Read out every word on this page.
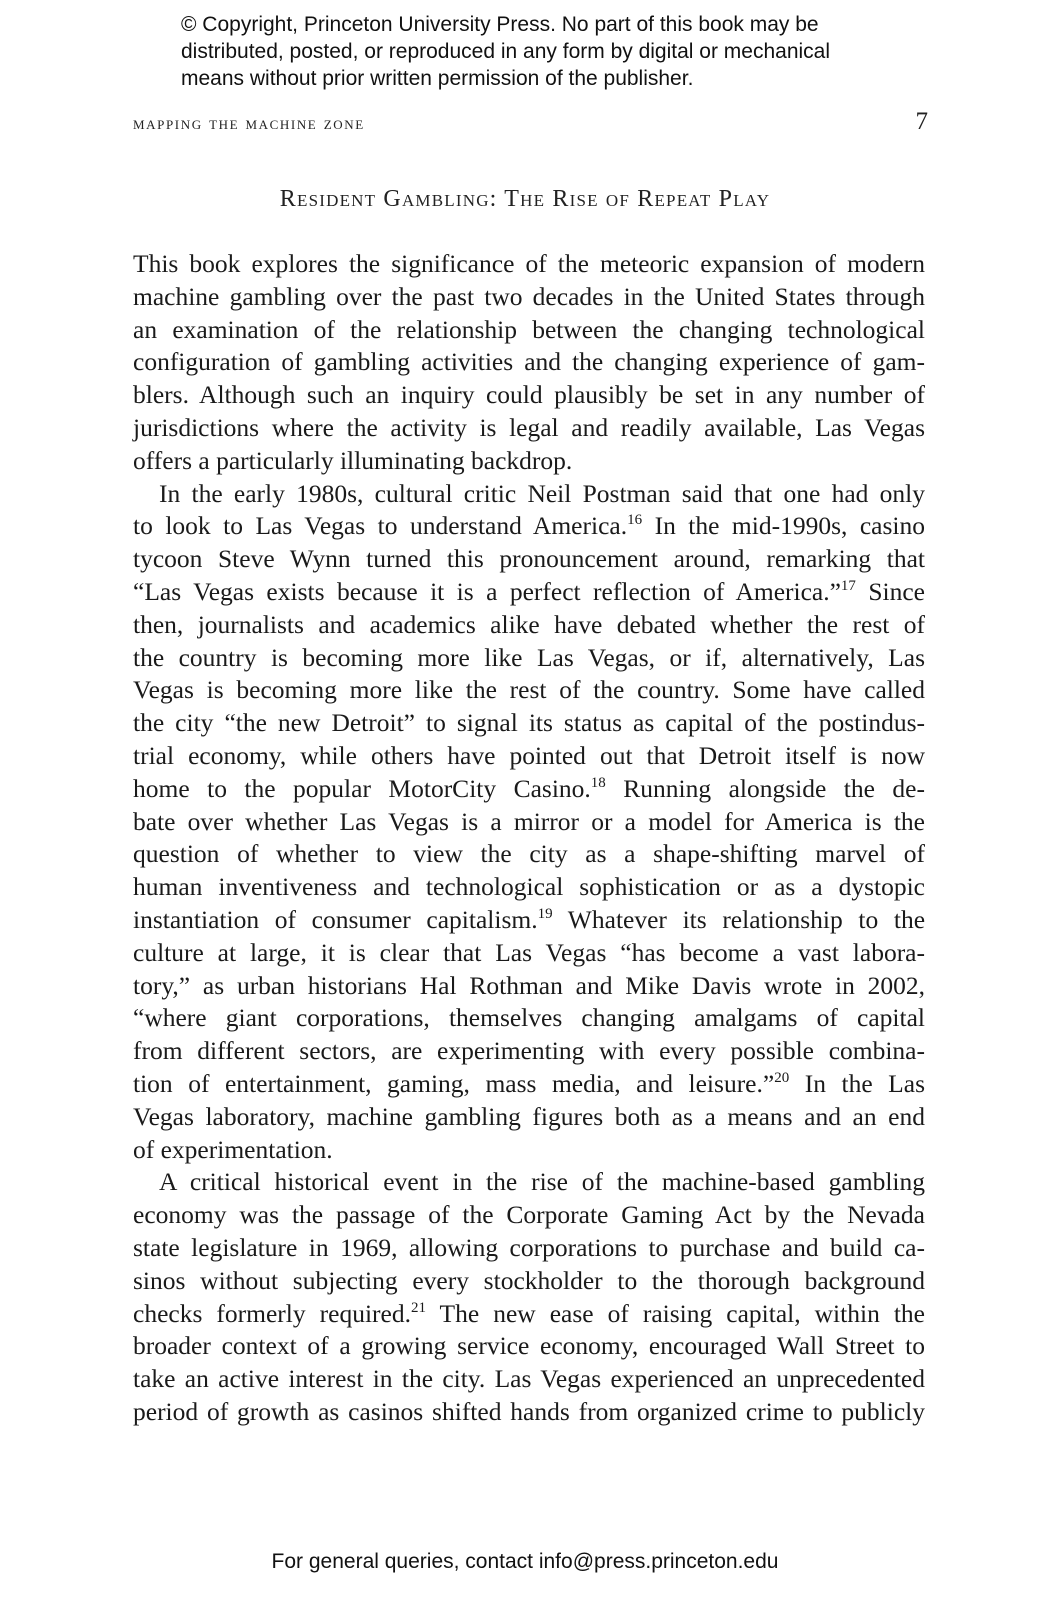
© Copyright, Princeton University Press. No part of this book may be
distributed, posted, or reproduced in any form by digital or mechanical
means without prior written permission of the publisher.
mapping the machine zone	7
Resident Gambling: The Rise of Repeat Play
This book explores the significance of the meteoric expansion of modern
machine gambling over the past two decades in the United States through
an examination of the relationship between the changing technological
configuration of gambling activities and the changing experience of gam-
blers. Although such an inquiry could plausibly be set in any number of
jurisdictions where the activity is legal and readily available, Las Vegas
offers a particularly illuminating backdrop.
In the early 1980s, cultural critic Neil Postman said that one had only
to look to Las Vegas to understand America.$^{16}$ In the mid-1990s, casino
tycoon Steve Wynn turned this pronouncement around, remarking that
“Las Vegas exists because it is a perfect reflection of America.”$^{17}$ Since
then, journalists and academics alike have debated whether the rest of
the country is becoming more like Las Vegas, or if, alternatively, Las
Vegas is becoming more like the rest of the country. Some have called
the city “the new Detroit” to signal its status as capital of the postindus-
trial economy, while others have pointed out that Detroit itself is now
home to the popular MotorCity Casino.$^{18}$ Running alongside the de-
bate over whether Las Vegas is a mirror or a model for America is the
question of whether to view the city as a shape-shifting marvel of
human inventiveness and technological sophistication or as a dystopic
instantiation of consumer capitalism.$^{19}$ Whatever its relationship to the
culture at large, it is clear that Las Vegas “has become a vast labora-
tory,” as urban historians Hal Rothman and Mike Davis wrote in 2002,
“where giant corporations, themselves changing amalgams of capital
from different sectors, are experimenting with every possible combina-
tion of entertainment, gaming, mass media, and leisure.”$^{20}$ In the Las
Vegas laboratory, machine gambling figures both as a means and an end
of experimentation.
A critical historical event in the rise of the machine-based gambling
economy was the passage of the Corporate Gaming Act by the Nevada
state legislature in 1969, allowing corporations to purchase and build ca-
sinos without subjecting every stockholder to the thorough background
checks formerly required.$^{21}$ The new ease of raising capital, within the
broader context of a growing service economy, encouraged Wall Street to
take an active interest in the city. Las Vegas experienced an unprecedented
period of growth as casinos shifted hands from organized crime to publicly
For general queries, contact info@press.princeton.edu
